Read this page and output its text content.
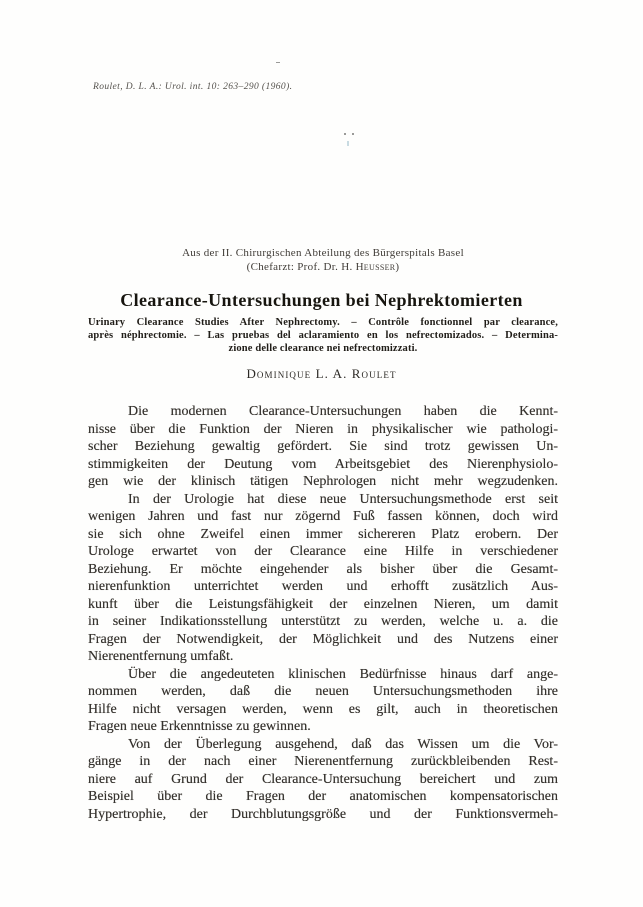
Roulet, D. L. A.: Urol. int. 10: 263–290 (1960).
Aus der II. Chirurgischen Abteilung des Bürgerspitals Basel
(Chefarzt: Prof. Dr. H. Heusser)
Clearance-Untersuchungen bei Nephrektomierten
Urinary Clearance Studies After Nephrectomy. – Contrôle fonctionnel par clearance,
après néphrectomie. – Las pruebas del aclaramiento en los nefrectomizados. – Determina-
zione delle clearance nei nefrectomizzati.
Dominique L. A. Roulet
Die modernen Clearance-Untersuchungen haben die Kennt-
nisse über die Funktion der Nieren in physikalischer wie pathologi-
scher Beziehung gewaltig gefördert. Sie sind trotz gewissen Un-
stimmigkeiten der Deutung vom Arbeitsgebiet des Nierenphysiolo-
gen wie der klinisch tätigen Nephrologen nicht mehr wegzudenken.
In der Urologie hat diese neue Untersuchungsmethode erst seit
wenigen Jahren und fast nur zögernd Fuß fassen können, doch wird
sie sich ohne Zweifel einen immer sichereren Platz erobern. Der
Urologe erwartet von der Clearance eine Hilfe in verschiedener
Beziehung. Er möchte eingehender als bisher über die Gesamt-
nierenfunktion unterrichtet werden und erhofft zusätzlich Aus-
kunft über die Leistungsfähigkeit der einzelnen Nieren, um damit
in seiner Indikationsstellung unterstützt zu werden, welche u. a. die
Fragen der Notwendigkeit, der Möglichkeit und des Nutzens einer
Nierenentfernung umfaßt.
Über die angedeuteten klinischen Bedürfnisse hinaus darf ange-
nommen werden, daß die neuen Untersuchungsmethoden ihre
Hilfe nicht versagen werden, wenn es gilt, auch in theoretischen
Fragen neue Erkenntnisse zu gewinnen.
Von der Überlegung ausgehend, daß das Wissen um die Vor-
gänge in der nach einer Nierenentfernung zurückbleibenden Rest-
niere auf Grund der Clearance-Untersuchung bereichert und zum
Beispiel über die Fragen der anatomischen kompensatorischen
Hypertrophie, der Durchblutungsgröße und der Funktionsvermeh-
